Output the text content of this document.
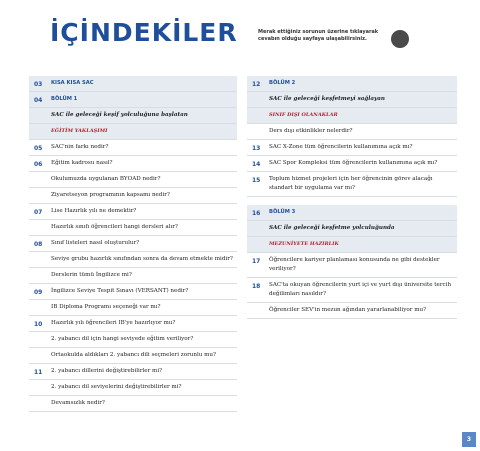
İÇİNDEKİLER	Merak ettiğiniz sorunun üzerine tıklayarak cevabın olduğu sayfaya ulaşabilirsiniz.
03	KISA KISA SAC
04	BÖLÜM 1
SAC ile geleceği keşif yolculuğuna başlatan
EĞİTİM YAKLAŞIMI
05	SAC'nin farkı nedir?
06	Eğitim kadrosu nasıl?
Okulumuzda uygulanan BYOAD nedir?
Ziyaretseyon programının kapsamı nedir?
07	Lise Hazırlık yılı ne demektir?
Hazırlık sınıfı öğrencileri hangi dersleri alır?
08	Sınıf listeleri nasıl oluşturulur?
Seviye grubu hazırlık sınıfından sonra da devam etmekte midir?
Derslerin tümü İngilizce mi?
09	İngilizce Seviye Tespit Sınavı (VERSANT) nedir?
IB Diploma Programı seçeneği var mı?
10	Hazırlık yılı öğrencileri IB'ye hazırlıyor mu?
2. yabancı dil için hangi seviyede eğitim veriliyor?
Ortaokulda aldıkları 2. yabancı dili seçmeleri zorunlu mu?
11	2. yabancı dillerini değiştirebilirler mi?
2. yabancı dil seviyelerini değiştirebilirler mi?
Devamsızlık nedir?
12	BÖLÜM 2
SAC ile geleceği keşfetmeyi sağlayan
SINIF DIŞI OLANAKLAR
Ders dışı etkinlikler nelerdir?
13	SAC X-Zone tüm öğrencilerin kullanımına açık mı?
14	SAC Spor Kompleksi tüm öğrencilerin kullanımına açık mı?
15	Toplum hizmet projeleri için her öğrencinin görev alacağı standart bir uygulama var mı?
16	BÖLÜM 3
SAC ile geleceği keşfetme yolculuğunda
MEZUNİYETE HAZIRLIK
17	Öğrencilere kariyer planlaması konusunda ne gibi destekler veriliyor?
18	SAC'ta okuyan öğrencilerin yurt içi ve yurt dışı üniversite tercih değilimları nasıldır?
Öğrenciler SEV'in mezun ağından yararlanabiliyor mu?
3
